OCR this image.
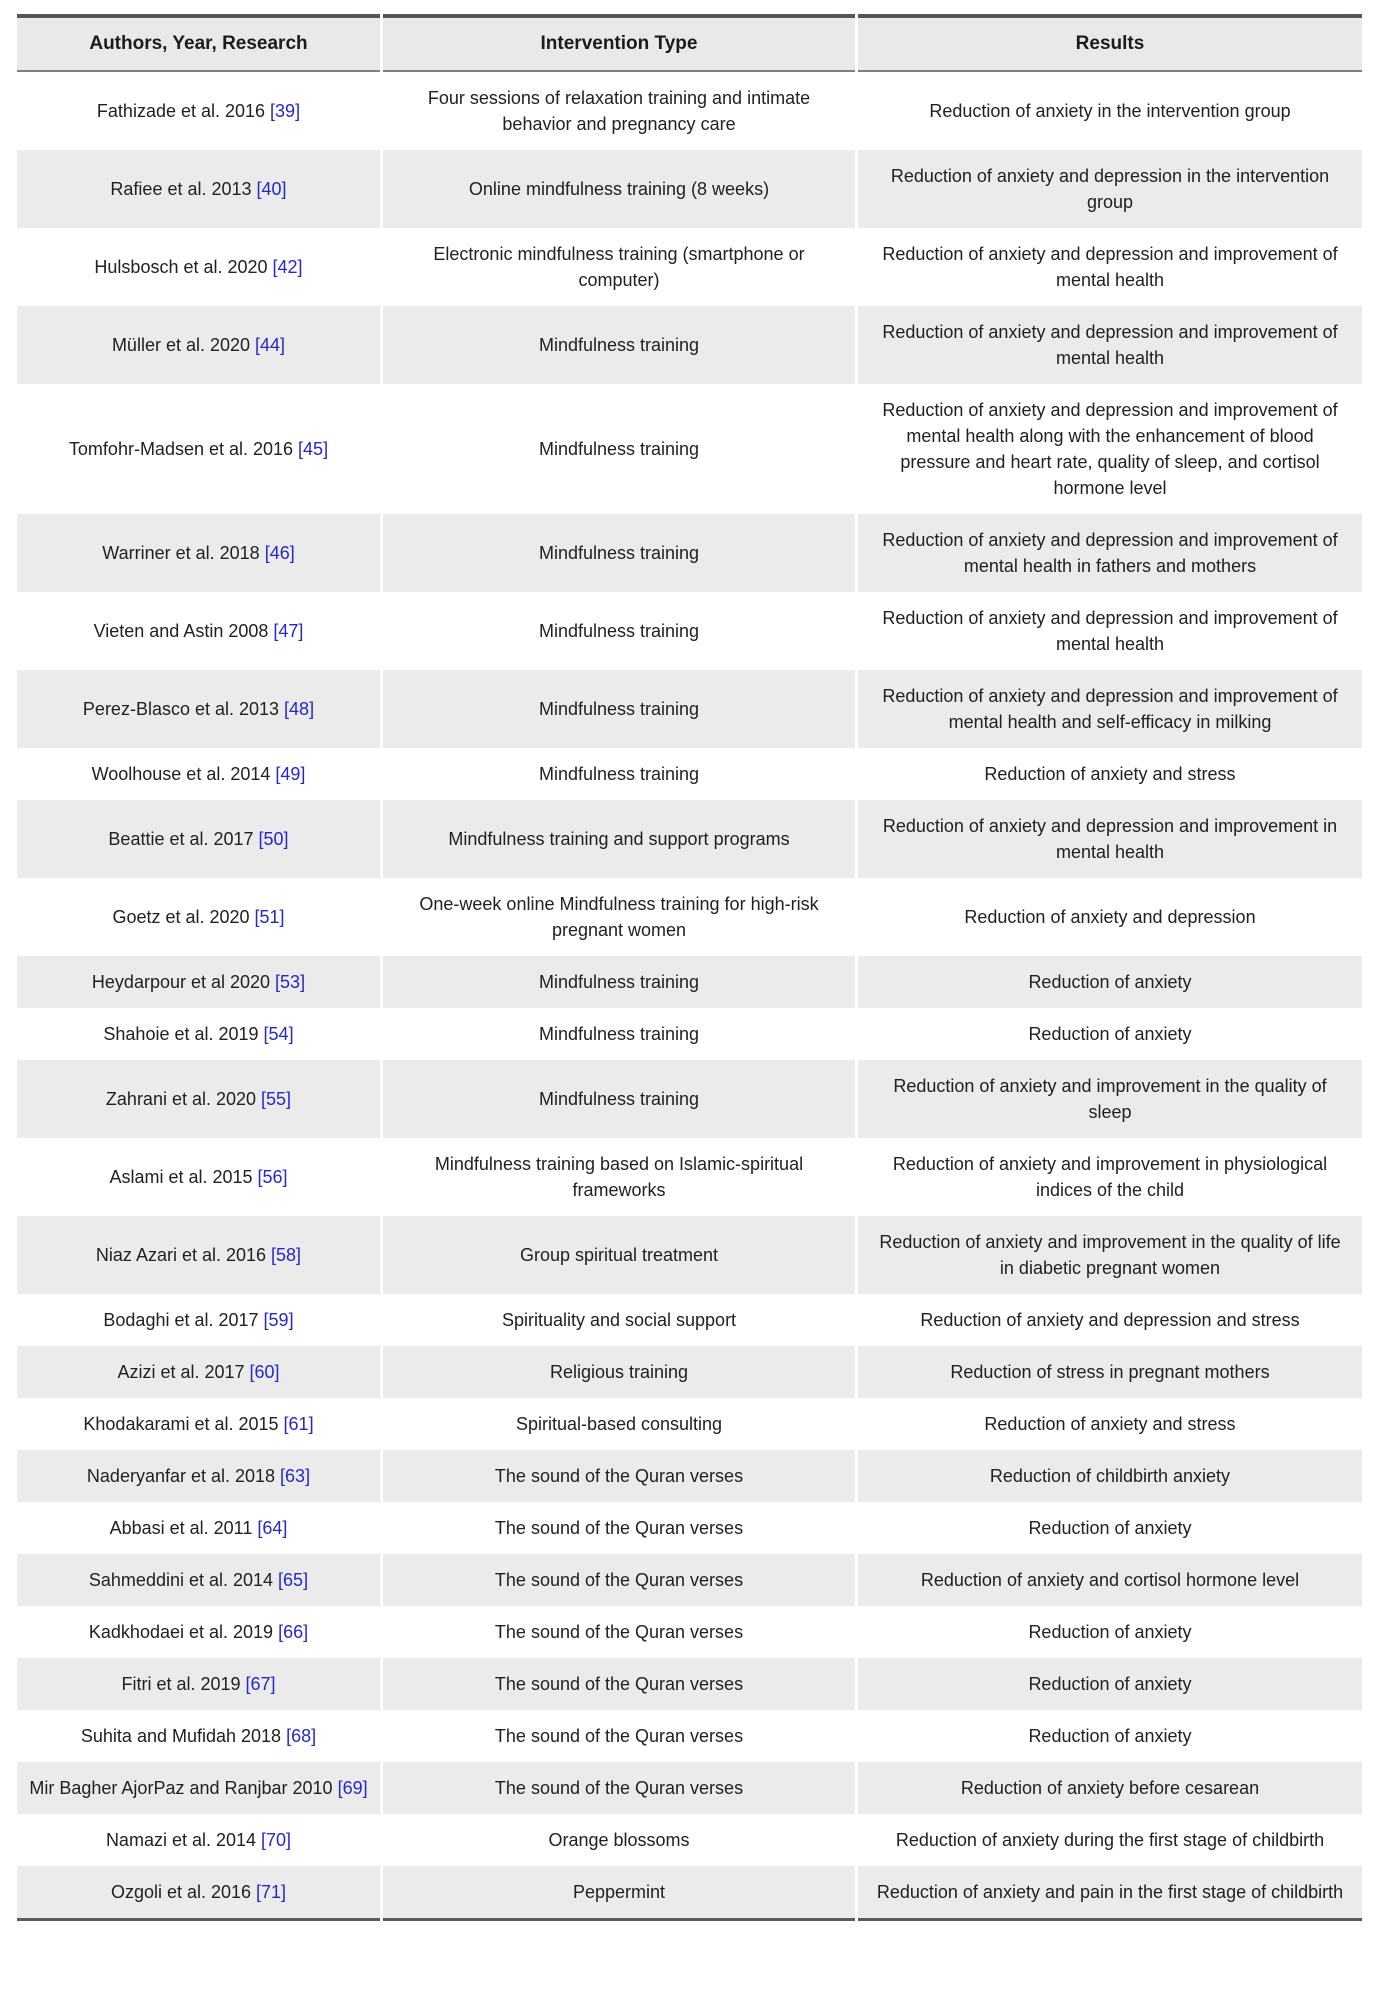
Authors, Year, Research	Intervention Type	Results
Fathizade et al. 2016 [39]	Four sessions of relaxation training and intimate behavior and pregnancy care	Reduction of anxiety in the intervention group
Rafiee et al. 2013 [40]	Online mindfulness training (8 weeks)	Reduction of anxiety and depression in the intervention group
Hulsbosch et al. 2020 [42]	Electronic mindfulness training (smartphone or computer)	Reduction of anxiety and depression and improvement of mental health
Müller et al. 2020 [44]	Mindfulness training	Reduction of anxiety and depression and improvement of mental health
Tomfohr-Madsen et al. 2016 [45]	Mindfulness training	Reduction of anxiety and depression and improvement of mental health along with the enhancement of blood pressure and heart rate, quality of sleep, and cortisol hormone level
Warriner et al. 2018 [46]	Mindfulness training	Reduction of anxiety and depression and improvement of mental health in fathers and mothers
Vieten and Astin 2008 [47]	Mindfulness training	Reduction of anxiety and depression and improvement of mental health
Perez-Blasco et al. 2013 [48]	Mindfulness training	Reduction of anxiety and depression and improvement of mental health and self-efficacy in milking
Woolhouse et al. 2014 [49]	Mindfulness training	Reduction of anxiety and stress
Beattie et al. 2017 [50]	Mindfulness training and support programs	Reduction of anxiety and depression and improvement in mental health
Goetz et al. 2020 [51]	One-week online Mindfulness training for high-risk pregnant women	Reduction of anxiety and depression
Heydarpour et al 2020 [53]	Mindfulness training	Reduction of anxiety
Shahoie et al. 2019 [54]	Mindfulness training	Reduction of anxiety
Zahrani et al. 2020 [55]	Mindfulness training	Reduction of anxiety and improvement in the quality of sleep
Aslami et al. 2015 [56]	Mindfulness training based on Islamic-spiritual frameworks	Reduction of anxiety and improvement in physiological indices of the child
Niaz Azari et al. 2016 [58]	Group spiritual treatment	Reduction of anxiety and improvement in the quality of life in diabetic pregnant women
Bodaghi et al. 2017 [59]	Spirituality and social support	Reduction of anxiety and depression and stress
Azizi et al. 2017 [60]	Religious training	Reduction of stress in pregnant mothers
Khodakarami et al. 2015 [61]	Spiritual-based consulting	Reduction of anxiety and stress
Naderyanfar et al. 2018 [63]	The sound of the Quran verses	Reduction of childbirth anxiety
Abbasi et al. 2011 [64]	The sound of the Quran verses	Reduction of anxiety
Sahmeddini et al. 2014 [65]	The sound of the Quran verses	Reduction of anxiety and cortisol hormone level
Kadkhodaei et al. 2019 [66]	The sound of the Quran verses	Reduction of anxiety
Fitri et al. 2019 [67]	The sound of the Quran verses	Reduction of anxiety
Suhita and Mufidah 2018 [68]	The sound of the Quran verses	Reduction of anxiety
Mir Bagher AjorPaz and Ranjbar 2010 [69]	The sound of the Quran verses	Reduction of anxiety before cesarean
Namazi et al. 2014 [70]	Orange blossoms	Reduction of anxiety during the first stage of childbirth
Ozgoli et al. 2016 [71]	Peppermint	Reduction of anxiety and pain in the first stage of childbirth
